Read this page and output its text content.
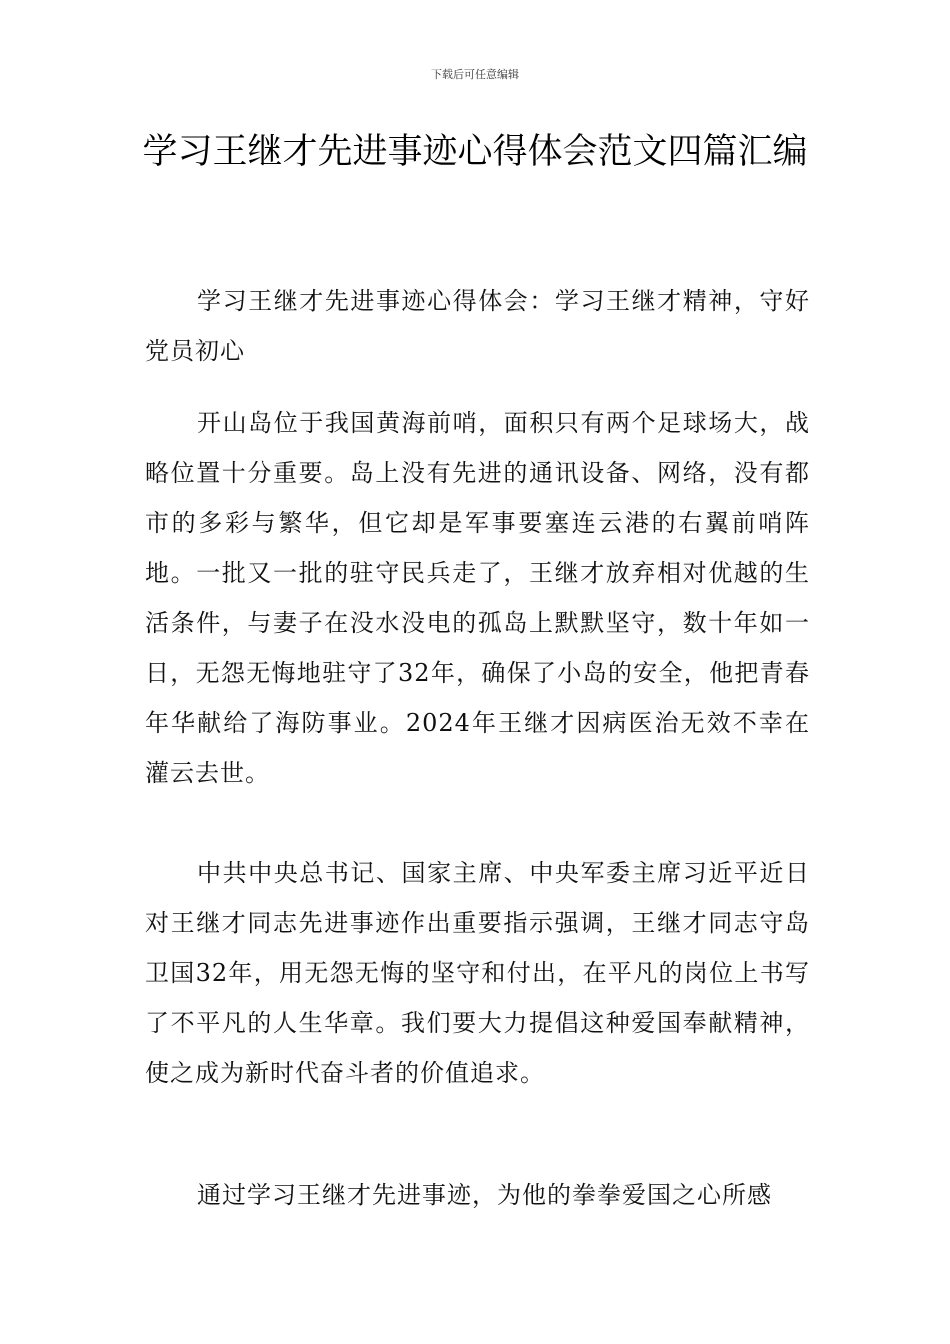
下载后可任意编辑
学习王继才先进事迹心得体会范文四篇汇编

学习王继才先进事迹心得体会：学习王继才精神，守好党员初心

开山岛位于我国黄海前哨，面积只有两个足球场大，战略位置十分重要。岛上没有先进的通讯设备、网络，没有都市的多彩与繁华，但它却是军事要塞连云港的右翼前哨阵地。一批又一批的驻守民兵走了，王继才放弃相对优越的生活条件，与妻子在没水没电的孤岛上默默坚守，数十年如一日，无怨无悔地驻守了32年，确保了小岛的安全，他把青春年华献给了海防事业。2024年王继才因病医治无效不幸在灌云去世。

中共中央总书记、国家主席、中央军委主席习近平近日对王继才同志先进事迹作出重要指示强调，王继才同志守岛卫国32年，用无怨无悔的坚守和付出，在平凡的岗位上书写了不平凡的人生华章。我们要大力提倡这种爱国奉献精神，使之成为新时代奋斗者的价值追求。

通过学习王继才先进事迹，为他的拳拳爱国之心所感
